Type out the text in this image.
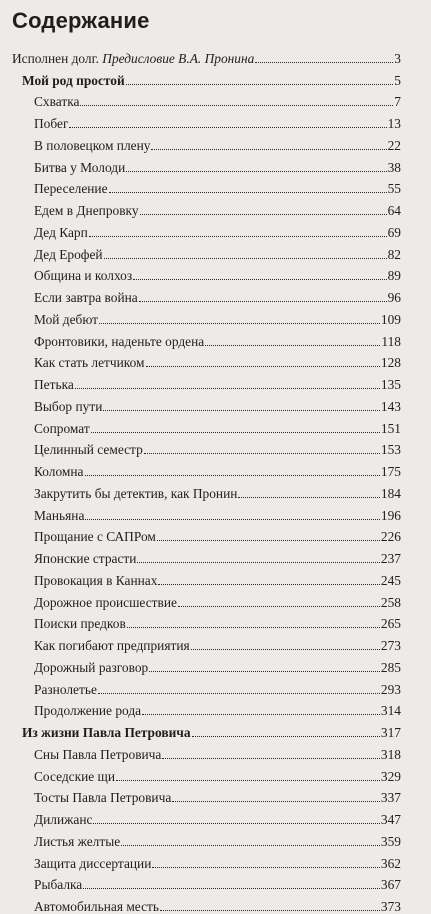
Содержание
Исполнен долг. Предисловие В.А. Пронина	3
Мой род простой	5
Схватка	7
Побег	13
В половецком плену	22
Битва у Молоди	38
Переселение	55
Едем в Днепровку	64
Дед Карп	69
Дед Ерофей	82
Община и колхоз	89
Если завтра война	96
Мой дебют	109
Фронтовики, наденьте ордена	118
Как стать летчиком	128
Петька	135
Выбор пути	143
Сопромат	151
Целинный семестр	153
Коломна	175
Закрутить бы детектив, как Пронин	184
Маньяна	196
Прощание с САПРом	226
Японские страсти	237
Провокация в Каннах	245
Дорожное происшествие	258
Поиски предков	265
Как погибают предприятия	273
Дорожный разговор	285
Разнолетье	293
Продолжение рода	314
Из жизни Павла Петровича	317
Сны Павла Петровича	318
Соседские щи	329
Тосты Павла Петровича	337
Дилижанс	347
Листья желтые	359
Защита диссертации	362
Рыбалка	367
Автомобильная месть	373
